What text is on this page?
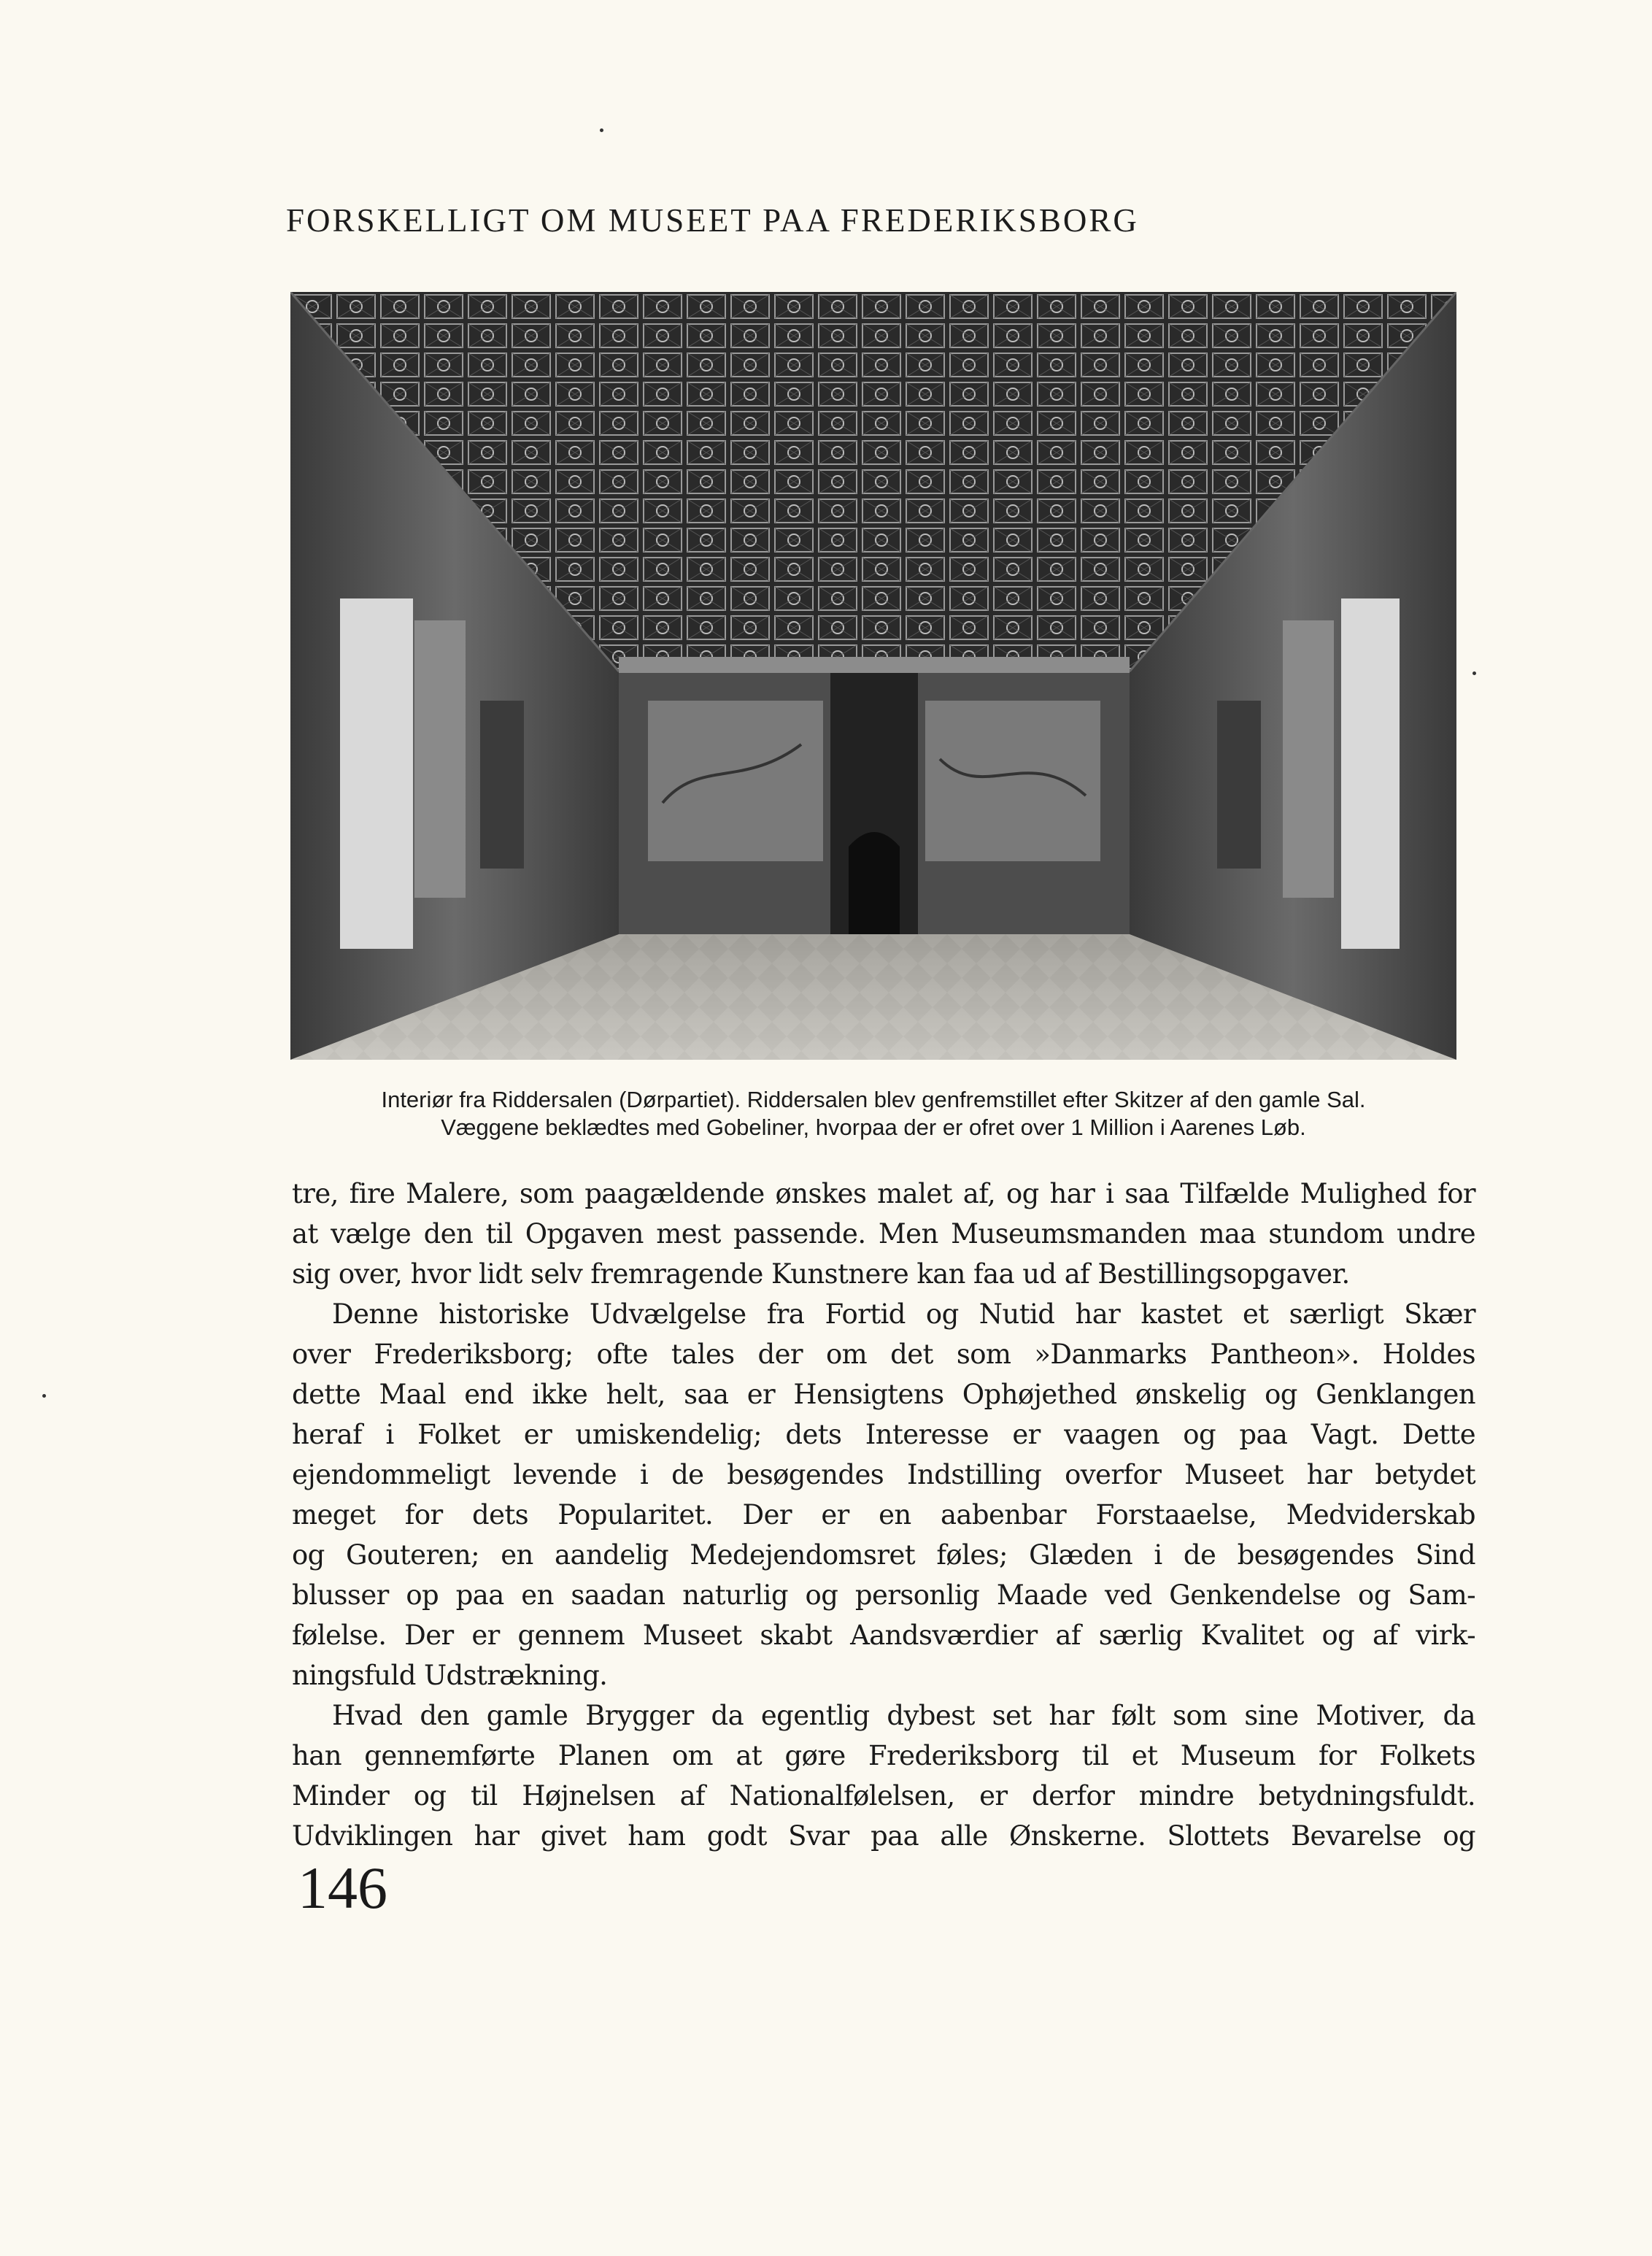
FORSKELLIGT OM MUSEET PAA FREDERIKSBORG
Interiør fra Riddersalen (Dørpartiet). Riddersalen blev genfremstillet efter Skitzer af den gamle Sal.
Væggene beklædtes med Gobeliner, hvorpaa der er ofret over 1 Million i Aarenes Løb.
tre, fire Malere, som paagældende ønskes malet af, og har i saa Tilfælde Mulighed for
at vælge den til Opgaven mest passende. Men Museumsmanden maa stundom undre
sig over, hvor lidt selv fremragende Kunstnere kan faa ud af Bestillingsopgaver.
Denne historiske Udvælgelse fra Fortid og Nutid har kastet et særligt Skær
over Frederiksborg; ofte tales der om det som »Danmarks Pantheon». Holdes
dette Maal end ikke helt, saa er Hensigtens Ophøjethed ønskelig og Genklangen
heraf i Folket er umiskendelig; dets Interesse er vaagen og paa Vagt. Dette
ejendommeligt levende i de besøgendes Indstilling overfor Museet har betydet
meget for dets Popularitet. Der er en aabenbar Forstaaelse, Medviderskab
og Gouteren; en aandelig Medejendomsret føles; Glæden i de besøgendes Sind
blusser op paa en saadan naturlig og personlig Maade ved Genkendelse og Sam-
følelse. Der er gennem Museet skabt Aandsværdier af særlig Kvalitet og af virk-
ningsfuld Udstrækning.
Hvad den gamle Brygger da egentlig dybest set har følt som sine Motiver, da
han gennemførte Planen om at gøre Frederiksborg til et Museum for Folkets
Minder og til Højnelsen af Nationalfølelsen, er derfor mindre betydningsfuldt.
Udviklingen har givet ham godt Svar paa alle Ønskerne. Slottets Bevarelse og
146
